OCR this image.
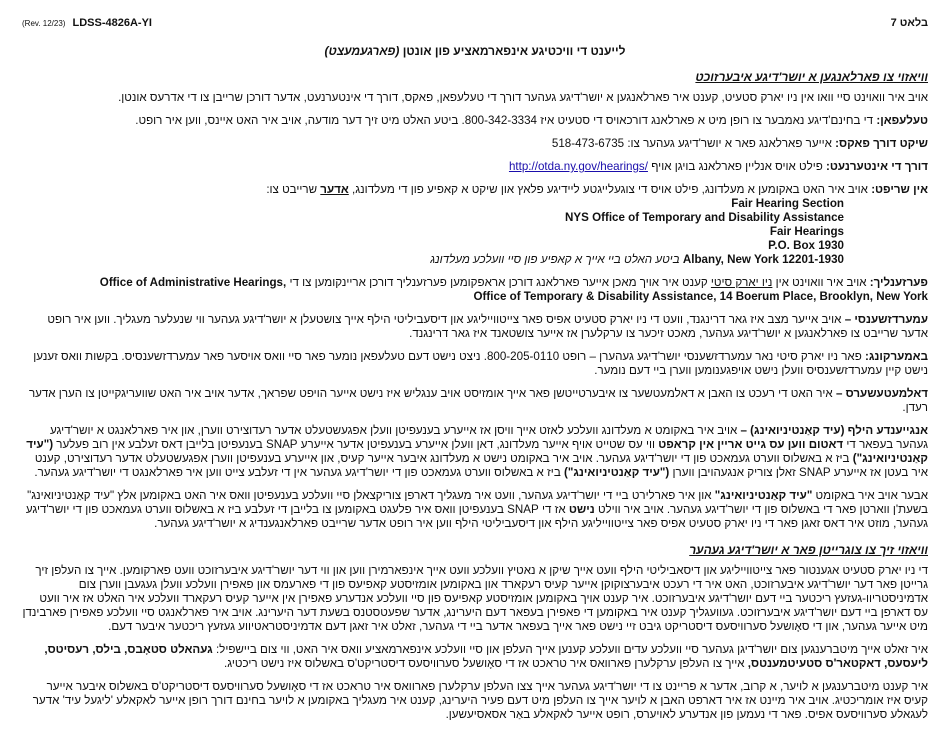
(Rev. 12/23) LDSS-4826A-YI	בלאט 7
לייענט די וויכטיגע אינפארמאציע פון אונטן (פארגעמעצט)
וויאזוי צו פארלאנגען א יושר'דיגע איבערזוכט

אויב איר וואוינט סיי וואו אין ניו יארק סטעיט, קענט איר פארלאנגען א יושר'דיגע געהער דורך די טעלעפאן, פאקס, דורך די אינטערנעט, אדער דורכן שרייבן צו די אדרעס אונטן.

טעלעפאן: די בחינם'דיגע נאמבער צו רופן מיט א פארלאנג דורכאויס די סטעיט איז 800-342-3334. ביטע האלט מיט זיך דער מודעה, אויב איר האט איינס, ווען איר רופט.

שיקט דורך פאקס: אייער פארלאנג פאר א יושר'דיגע געהער צו: 518-473-6735

דורך די אינטערנעט: פילט אויס אנליין פארלאנג בויגן אויף http://otda.ny.gov/hearings/

אין שריפט: אויב איר האט באקומען א מעלדונג, פילט אויס די צוגעלייגטע ליידיגע פלאץ און שיקט א קאפיע פון די מעלדונג, אדער שרייבט צו:

Fair Hearing Section
NYS Office of Temporary and Disability Assistance
Fair Hearings
P.O. Box 1930
ביטע האלט ביי אייך א קאפיע פון סיי וועלכע מעלדונג Albany, New York 12201-1930

פערזענליך: אויב איר וואוינט אין ניו יארק סיטי קענט איר אויך מאכן אייער פארלאנג דורכן אראפקומען פערזענליך דורכן אריינקומען צו די Office of Administrative Hearings,

Office of Temporary & Disability Assistance, 14 Boerum Place, Brooklyn, New York

עמערדזשענסי – אויב אייער מצב איז גאר דרינגנד, וועט די ניו יארק סטעיט אפיס פאר צייטווייליגע און דיסעביליטי הילף אייך צושטעלן א יושר'דיגע געהער ווי שנעלער מעגליך. ווען איר רופט אדער שרייבט צו פארלאנגען א יושר'דיגע געהער, מאכט זיכער צו ערקלערן אז אייער צושטאנד איז גאר דרינגנד.

באמערקונג: פאר ניו יארק סיטי נאר עמערדזשענסי יושר'דיגע געהערן – רופט 800-205-0110. ניצט נישט דעם טעלעפאן נומער פאר סיי וואס אויסער פאר עמערדזשענסיס. בקשות וואס זענען נישט קיין עמערדזשענסיס וועלן נישט אויפגענומען ווערן ביי דעם נומער.

דאלמעטעשערס – איר האט די רעכט צו האבן א דאלמעטשער צו איבערטייטשן פאר אייך אומזיסט אויב ענגליש איז נישט אייער הויפט שפראך, אדער אויב איר האט שוועריגקייטן צו הערן אדער רעדן.

אנגייענדע הילף (עיד קאַנטיניואינג) – אויב איר באקומט א מעלדונג וועלכע לאזט אייך וויסן אז אייערע בענעפיטן וועלן אפגעשטעלט אדער רעדוצירט ווערן, און איר פארלאנגט א יושר'דיגע געהער בעפאר די דאטום ווען עס גייט אריין אין קראפט ווי עס שטייט אויף אייער מעלדונג, דאן וועלן אייערע בענעפיטן אדער אייערע SNAP בענעפיטן בלייבן דאס זעלבע אין רוב פעלער ("עיד קאַנטיניואינג") ביז א באשלוס ווערט געמאכט פון די יושר'דיגע געהער. אויב איר באקומט נישט א מעלדונג איבער אייער קעיס, און אייערע בענעפיטן ווערן אפגעשטעלט אדער רעדוצירט, קענט איר בעטן אז אייערע SNAP זאלן צוריק אנגעהויבן ווערן ("עיד קאַנטיניואינג") ביז א באשלוס ווערט געמאכט פון די יושר'דיגע געהער אין די זעלבע צייט ווען איר פארלאנגט די יושר'דיגע געהער.

אבער אויב איר באקומט "עיד קאַנטיניואינג" און איר פארלירט ביי די יושר'דיגע געהער, וועט איר מעגליך דארפן צוריקצאלן סיי וועלכע בענעפיטן וואס איר האט באקומען אלץ "עיד קאַנטיניואינג" בשעת'ן ווארטן פאר די באשלוס פון די יושר'דיגע געהער. אויב איר ווילט נישט אז די SNAP בענעפיטן וואס איר פלעגט באקומען צו בלייבן די זעלבע ביז א באשלוס ווערט געמאכט פון די יושר'דיגע געהער, מוזט איר דאס זאגן פאר די ניו יארק סטעיט אפיס פאר צייטווייליגע הילף און דיסעביליטי הילף ווען איר רופט אדער שרייבט פארלאנגענדיג א יושר'דיגע געהער.

וויאזוי זיך צו צוגרייטן פאר א יושר'דיגע געהער

די ניו יארק סטעיט אגענטור פאר צייטווייליגע און דיסאביליטי הילף וועט אייך שיקן א נאטיץ וועלכע וועט אייך אינפארמירן ווען און ווי דער יושר'דיגע איבערזוכט וועט פארקומען. אייך צו העלפן זיך גרייטן פאר דער יושר'דיגע איבערזוכט, האט איר די רעכט איבערצוקוקן אייער קעיס רעקארד און באקומען אומזיסטע קאפיעס פון די פארעמס און פאפירן וועלכע וועלן געגעבן ווערן צום אדמיניסטריוו-געזעץ ריכטער ביי דעם יושר'דיגע איבערזוכט. איר קענט אויך באקומען אומזיסטע קאפיעס פון סיי וועלכע אנדערע פאפירן אין אייער קעיס רעקארד וועלכע איר האלט אז איר וועט עס דארפן ביי דעם יושר'דיגע איבערזוכט. געוועגליך קענט איר באקומען די פאפירן בעפאר דעם היערינג, אדער שפעטסטנס בשעת דער היערינג. אויב איר פארלאנגט סיי וועלכע פאפירן פארבינדן מיט אייער געהער, און די סאָושעל סערוויסעס דיסטריקט גיבט זיי נישט פאר אייך בעפאר אדער ביי די געהער, זאלט איר זאגן דעם אדמיניסטראטיווע געזעץ ריכטער איבער דעם.

איר זאלט אייך מיטברענגען צום יושר'דיגן געהער סיי וועלכע עדים וועלכע קענען אייך העלפן און סיי וועלכע אינפארמאציע וואס איר האט, ווי צום ביישפיל: געהאלט סטאָבס, בילס, רעסיטס, ליעסעס, דאקטאר'ס סטעיטמענטס, אייך צו העלפן ערקלערן פארוואס איר טראכט אז די סאָושעל סערוויסעס דיסטריקט'ס באשלוס איז נישט ריכטיג.

איר קענט מיטברענגען א לויער, א קרוב, אדער א פריינט צו די יושר'דיגע געהער אייך צצו העלפן ערקלערן פארוואס איר טראכט אז די סאָושעל סערוויסעס דיסטריקט'ס באשלוס איבער אייער קעיס איז אומריכטיג. אויב איר מיינט אז איר דארפט האבן א לויער אייך צו העלפן מיט דעם פעיר היערינג, קענט איר מעגליך באקומען א לויער בחינם דורך רופן אייער לאקאלע 'ליגעל עיד' אדער לעגאלע סערוויסעס אפיס. פאר די נעמען פון אנדערע לאויערס, רופט אייער לאקאלע באַר אסאסיעשען.
